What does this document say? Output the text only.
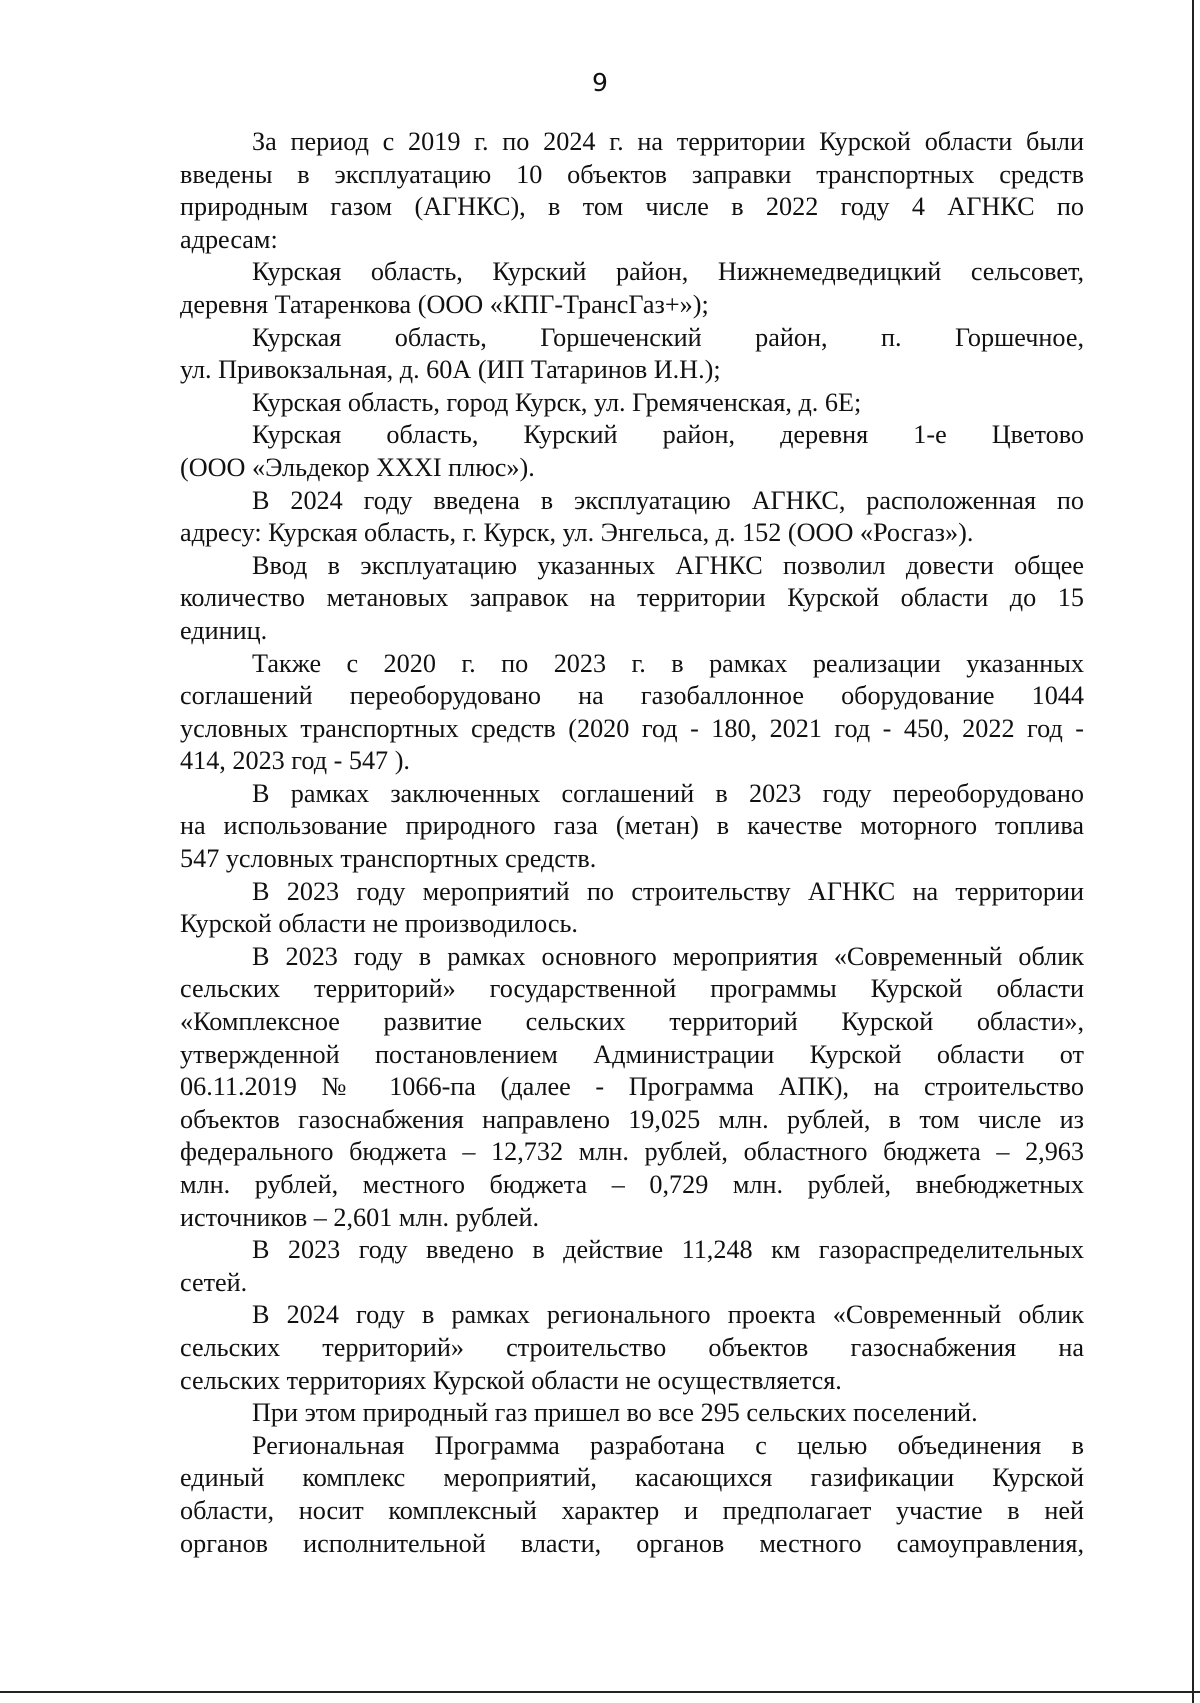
9
За период с 2019 г. по 2024 г. на территории Курской области были
введены в эксплуатацию 10 объектов заправки транспортных средств
природным газом (АГНКС), в том числе в 2022 году 4 АГНКС по
адресам:
Курская область, Курский район, Нижнемедведицкий сельсовет,
деревня Татаренкова (ООО «КПГ-ТрансГаз+»);
Курская область, Горшеченский район, п. Горшечное,
ул. Привокзальная, д. 60А (ИП Татаринов И.Н.);
Курская область, город Курск, ул. Гремяченская, д. 6Е;
Курская область, Курский район, деревня 1-е Цветово
(ООО «Эльдекор XXXI плюс»).
В 2024 году введена в эксплуатацию АГНКС, расположенная по
адресу: Курская область, г. Курск, ул. Энгельса, д. 152 (ООО «Росгаз»).
Ввод в эксплуатацию указанных АГНКС позволил довести общее
количество метановых заправок на территории Курской области до 15
единиц.
Также с 2020 г. по 2023 г. в рамках реализации указанных
соглашений переоборудовано на газобаллонное оборудование 1044
условных транспортных средств (2020 год - 180, 2021 год - 450, 2022 год -
414, 2023 год - 547 ).
В рамках заключенных соглашений в 2023 году переоборудовано
на использование природного газа (метан) в качестве моторного топлива
547 условных транспортных средств.
В 2023 году мероприятий по строительству АГНКС на территории
Курской области не производилось.
В 2023 году в рамках основного мероприятия «Современный облик
сельских территорий» государственной программы Курской области
«Комплексное развитие сельских территорий Курской области»,
утвержденной постановлением Администрации Курской области от
06.11.2019 № 1066-па (далее - Программа АПК), на строительство
объектов газоснабжения направлено 19,025 млн. рублей, в том числе из
федерального бюджета – 12,732 млн. рублей, областного бюджета – 2,963
млн. рублей, местного бюджета – 0,729 млн. рублей, внебюджетных
источников – 2,601 млн. рублей.
В 2023 году введено в действие 11,248 км газораспределительных
сетей.
В 2024 году в рамках регионального проекта «Современный облик
сельских территорий» строительство объектов газоснабжения на
сельских территориях Курской области не осуществляется.
При этом природный газ пришел во все 295 сельских поселений.
Региональная Программа разработана с целью объединения в
единый комплекс мероприятий, касающихся газификации Курской
области, носит комплексный характер и предполагает участие в ней
органов исполнительной власти, органов местного самоуправления,
